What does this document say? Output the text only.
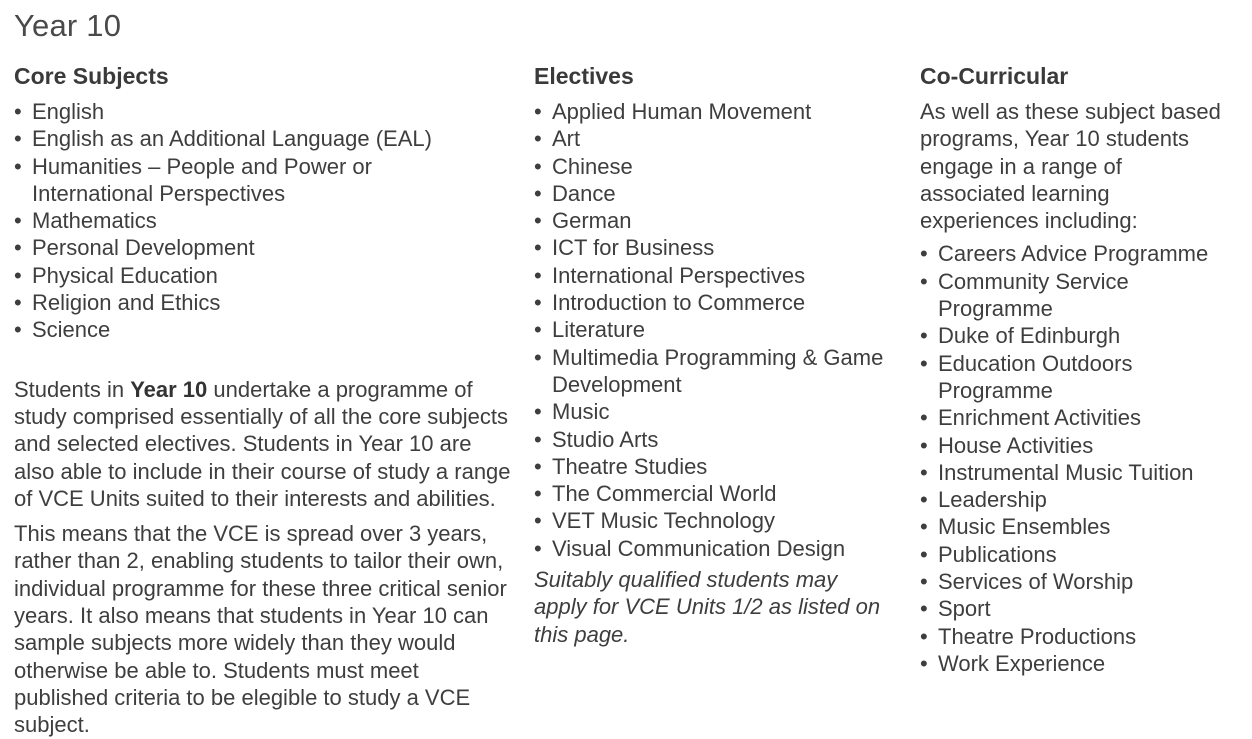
Year 10
Core Subjects
• English
• English as an Additional Language (EAL)
• Humanities – People and Power or International Perspectives
• Mathematics
• Personal Development
• Physical Education
• Religion and Ethics
• Science

Students in Year 10 undertake a programme of study comprised essentially of all the core subjects and selected electives. Students in Year 10 are also able to include in their course of study a range of VCE Units suited to their interests and abilities.

This means that the VCE is spread over 3 years, rather than 2, enabling students to tailor their own, individual programme for these three critical senior years. It also means that students in Year 10 can sample subjects more widely than they would otherwise be able to. Students must meet published criteria to be elegible to study a VCE subject.

Electives
• Applied Human Movement
• Art
• Chinese
• Dance
• German
• ICT for Business
• International Perspectives
• Introduction to Commerce
• Literature
• Multimedia Programming & Game Development
• Music
• Studio Arts
• Theatre Studies
• The Commercial World
• VET Music Technology
• Visual Communication Design

Suitably qualified students may apply for VCE Units 1/2 as listed on this page.

Co-Curricular

As well as these subject based programs, Year 10 students engage in a range of associated learning experiences including:

• Careers Advice Programme
• Community Service Programme
• Duke of Edinburgh
• Education Outdoors Programme
• Enrichment Activities
• House Activities
• Instrumental Music Tuition
• Leadership
• Music Ensembles
• Publications
• Services of Worship
• Sport
• Theatre Productions
• Work Experience
